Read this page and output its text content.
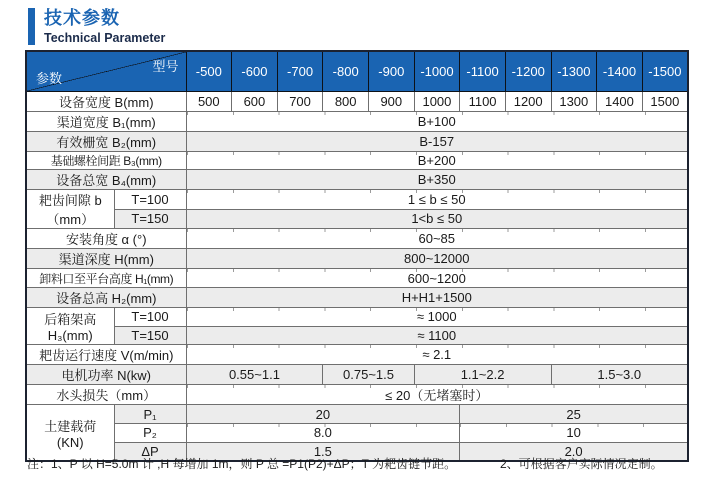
技术参数
Technical Parameter
型号
参数		-500	-600	-700	-800	-900	-1000	-1100	-1200	-1300	-1400	-1500
设备宽度 B(mm)		500	600	700	800	900	1000	1100	1200	1300	1400	1500
渠道宽度 B₁(mm)		B+100										
有效栅宽 B₂(mm)		B-157										
基础螺栓间距 B₃(mm)		B+200										
设备总宽 B₄(mm)		B+350										

耙齿间隙 b
（mm）	T=100	1 ≤ b ≤ 50										
	T=150	1<b ≤ 50										
安装角度 α (°)		60~85										
渠道深度 H(mm)		800~12000										
卸料口至平台高度 H₁(mm)		600~1200										
设备总高 H₂(mm)		H+H1+1500										

后箱架高
H₃(mm)	T=100	≈ 1000										
	T=150	≈ 1100										
耙齿运行速度 V(m/min)		≈ 2.1										
电机功率 N(kw)		0.55~1.1			0.75~1.5		1.1~2.2			1.5~3.0		
水头损失（mm）		≤ 20（无堵塞时）										

土建载荷
(KN)	P₁	20						25				
	P₂	8.0						10				
	ΔP	1.5						2.0				
注：1、P 以 H=5.0m 计 ,H 每增加 1m，则 P 总 =P1(P2)+ΔP；T 为耙齿链节距。	2、可根据客户实际情况定制。
